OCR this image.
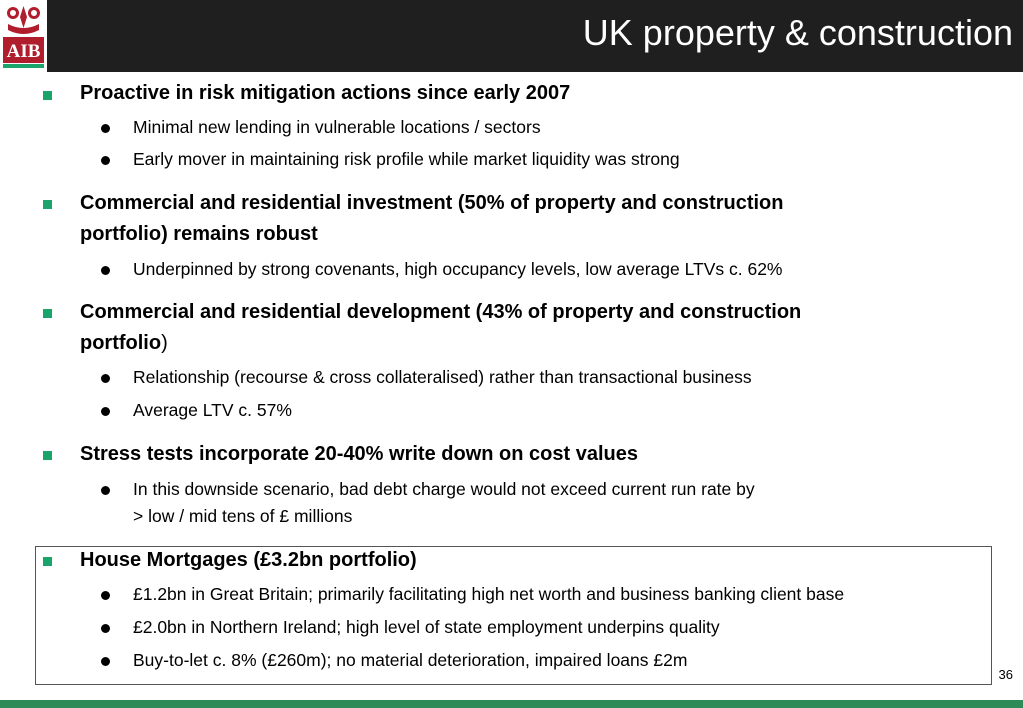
AIB	UK property & construction
Proactive in risk mitigation actions since early 2007
Minimal new lending in vulnerable locations / sectors
Early mover in maintaining risk profile while market liquidity was strong
Commercial and residential investment (50% of property and construction
portfolio) remains robust
Underpinned by strong covenants, high occupancy levels, low average LTVs c. 62%
Commercial and residential development (43% of property and construction
portfolio)
Relationship (recourse & cross collateralised) rather than transactional business
Average LTV c. 57%
Stress tests incorporate 20-40% write down on cost values
In this downside scenario, bad debt charge would not exceed current run rate by
> low / mid tens of £ millions
House Mortgages (£3.2bn portfolio)
£1.2bn in Great Britain; primarily facilitating high net worth and business banking client base
£2.0bn in Northern Ireland; high level of state employment underpins quality
Buy-to-let c. 8% (£260m); no material deterioration, impaired loans £2m
36
